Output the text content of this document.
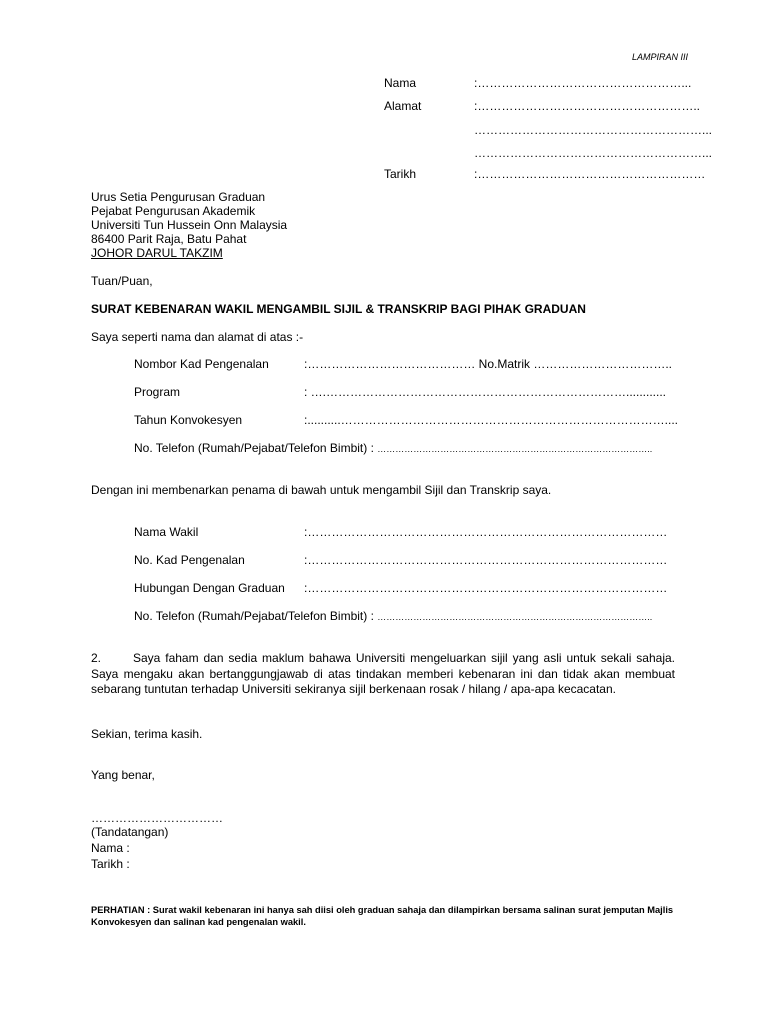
LAMPIRAN III
Nama	:……………………………………………...
Alamat	:………………………………………………..
…………………………………………………...
…………………………………………………...
Tarikh	:…………………………………………………
Urus Setia Pengurusan Graduan
Pejabat Pengurusan Akademik
Universiti Tun Hussein Onn Malaysia
86400 Parit Raja, Batu Pahat
JOHOR DARUL TAKZIM
Tuan/Puan,
SURAT KEBENARAN WAKIL MENGAMBIL SIJIL & TRANSKRIP BAGI PIHAK GRADUAN
Saya seperti nama dan alamat di atas :-
Nombor Kad Pengenalan	:…………………………………… No.Matrik ……………………………..
Program	: ….…………………………………………………………………............
Tahun Konvokesyen	:..........………………………………………………………………………....
No. Telefon (Rumah/Pejabat/Telefon Bimbit) : ………………………………………………………………………………..
Dengan ini membenarkan penama di bawah untuk mengambil Sijil dan Transkrip saya.
Nama Wakil	:………………………………………………………………………………
No. Kad Pengenalan	:………………………………………………………………………………
Hubungan Dengan Graduan :………………………………………………………………………………
No. Telefon (Rumah/Pejabat/Telefon Bimbit) : ………………………………………………………………………………..
2.	Saya faham dan sedia maklum bahawa Universiti mengeluarkan sijil yang asli untuk sekali sahaja. Saya mengaku akan bertanggungjawab di atas tindakan memberi kebenaran ini dan tidak akan membuat sebarang tuntutan terhadap Universiti sekiranya sijil berkenaan rosak / hilang / apa-apa kecacatan.
Sekian, terima kasih.
Yang benar,
……………………………
(Tandatangan)
Nama :
Tarikh :
PERHATIAN : Surat wakil kebenaran ini hanya sah diisi oleh graduan sahaja dan dilampirkan bersama salinan surat jemputan Majlis Konvokesyen dan salinan kad pengenalan wakil.
